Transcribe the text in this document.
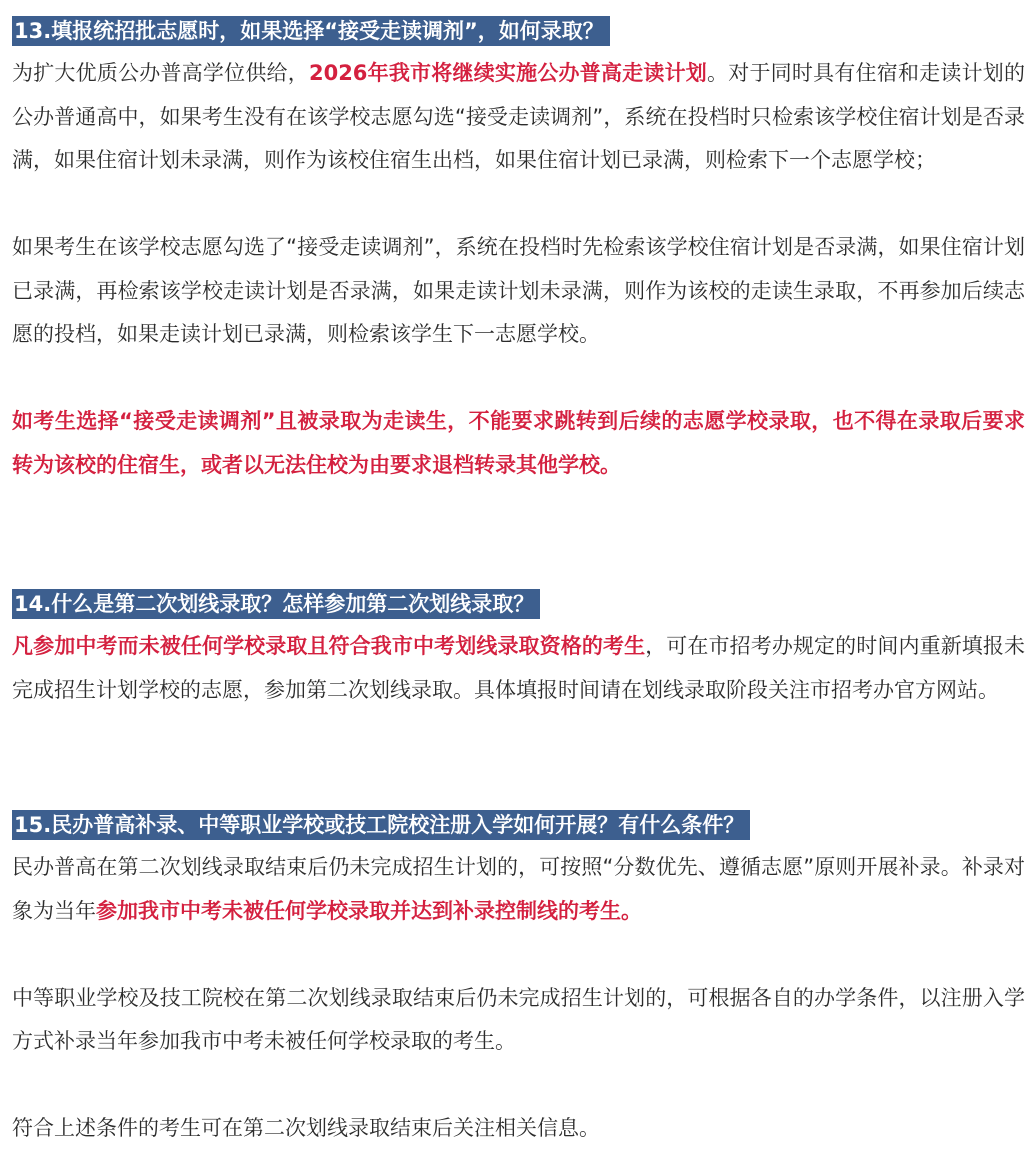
13.填报统招批志愿时，如果选择“接受走读调剂”，如何录取？

为扩大优质公办普高学位供给，2026年我市将继续实施公办普高走读计划。对于同时具有住宿和走读计划的公办普通高中，如果考生没有在该学校志愿勾选“接受走读调剂”，系统在投档时只检索该学校住宿计划是否录满，如果住宿计划未录满，则作为该校住宿生出档，如果住宿计划已录满，则检索下一个志愿学校；

如果考生在该学校志愿勾选了“接受走读调剂”，系统在投档时先检索该学校住宿计划是否录满，如果住宿计划已录满，再检索该学校走读计划是否录满，如果走读计划未录满，则作为该校的走读生录取，不再参加后续志愿的投档，如果走读计划已录满，则检索该学生下一志愿学校。

如考生选择“接受走读调剂”且被录取为走读生，不能要求跳转到后续的志愿学校录取，也不得在录取后要求转为该校的住宿生，或者以无法住校为由要求退档转录其他学校。

14.什么是第二次划线录取？怎样参加第二次划线录取？

凡参加中考而未被任何学校录取且符合我市中考划线录取资格的考生，可在市招考办规定的时间内重新填报未完成招生计划学校的志愿，参加第二次划线录取。具体填报时间请在划线录取阶段关注市招考办官方网站。

15.民办普高补录、中等职业学校或技工院校注册入学如何开展？有什么条件？

民办普高在第二次划线录取结束后仍未完成招生计划的，可按照“分数优先、遵循志愿”原则开展补录。补录对象为当年参加我市中考未被任何学校录取并达到补录控制线的考生。

中等职业学校及技工院校在第二次划线录取结束后仍未完成招生计划的，可根据各自的办学条件，以注册入学方式补录当年参加我市中考未被任何学校录取的考生。

符合上述条件的考生可在第二次划线录取结束后关注相关信息。
